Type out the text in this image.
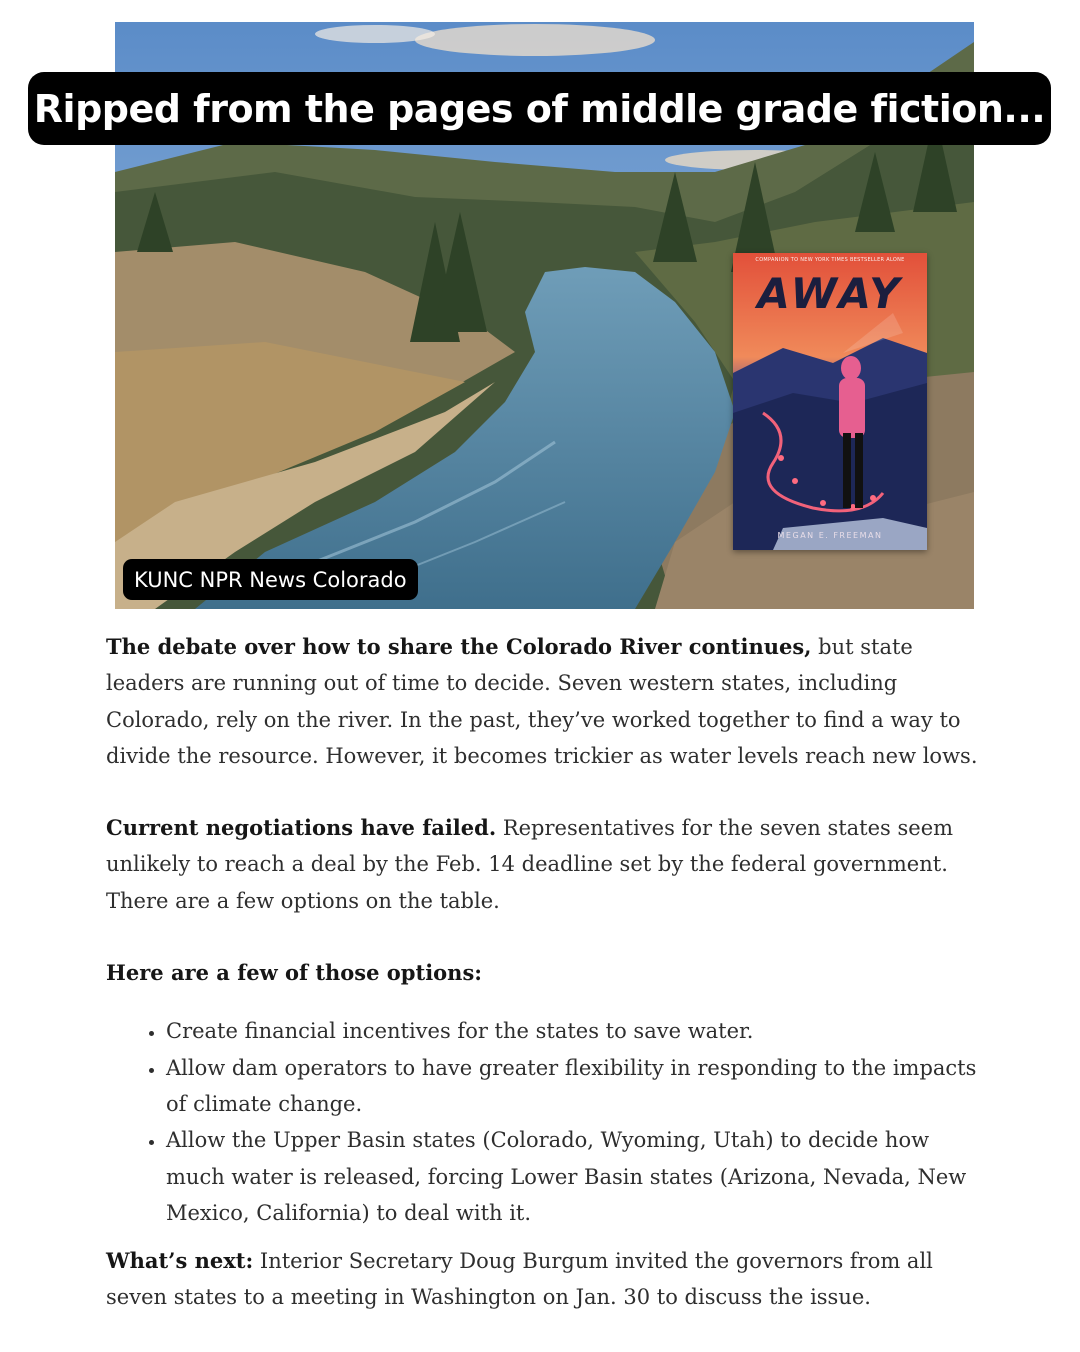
COMPANION TO NEW YORK TIMES BESTSELLER ALONE
AWAY
MEGAN E. FREEMAN
Ripped from the pages of middle grade fiction...
KUNC NPR News Colorado

The debate over how to share the Colorado River continues, but state leaders are running out of time to decide. Seven western states, including Colorado, rely on the river. In the past, they’ve worked together to find a way to divide the resource. However, it becomes trickier as water levels reach new lows.

Current negotiations have failed. Representatives for the seven states seem unlikely to reach a deal by the Feb. 14 deadline set by the federal government. There are a few options on the table.

Here are a few of those options:
• Create financial incentives for the states to save water.
• Allow dam operators to have greater flexibility in responding to the impacts of climate change.
• Allow the Upper Basin states (Colorado, Wyoming, Utah) to decide how much water is released, forcing Lower Basin states (Arizona, Nevada, New Mexico, California) to deal with it.

What’s next: Interior Secretary Doug Burgum invited the governors from all seven states to a meeting in Washington on Jan. 30 to discuss the issue.
